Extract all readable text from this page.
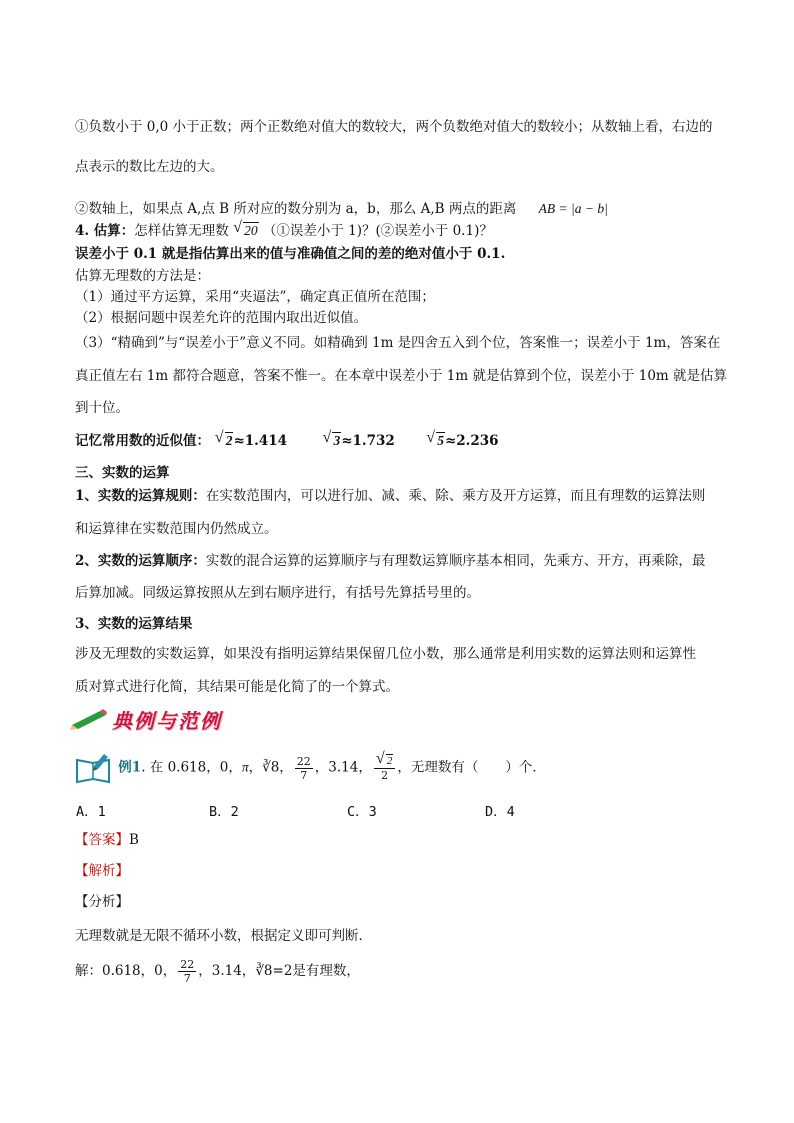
①负数小于 0,0 小于正数；两个正数绝对值大的数较大，两个负数绝对值大的数较小；从数轴上看，右边的
点表示的数比左边的大。
②数轴上，如果点 A,点 B 所对应的数分别为 a，b，那么 A,B 两点的距离 AB = |a − b|
4. 估算：怎样估算无理数 √ 20 （①误差小于 1)？(②误差小于 0.1)？
误差小于 0.1 就是指估算出来的值与准确值之间的差的绝对值小于 0.1.
估算无理数的方法是：
（1）通过平方运算，采用“夹逼法”，确定真正值所在范围；
（2）根据问题中误差允许的范围内取出近似值。
（3）“精确到”与“误差小于”意义不同。如精确到 1m 是四舍五入到个位，答案惟一；误差小于 1m，答案在
真正值左右 1m 都符合题意，答案不惟一。在本章中误差小于 1m 就是估算到个位，误差小于 10m 就是估算
到十位。
记忆常用数的近似值： √ 2≈1.414	√ 3≈1.732	√ 5≈2.236
三、实数的运算
1、实数的运算规则：在实数范围内，可以进行加、减、乘、除、乘方及开方运算，而且有理数的运算法则
和运算律在实数范围内仍然成立。
2、实数的运算顺序：实数的混合运算的运算顺序与有理数运算顺序基本相同，先乘方、开方，再乘除，最
后算加减。同级运算按照从左到右顺序进行，有括号先算括号里的。
3、实数的运算结果
涉及无理数的实数运算，如果没有指明运算结果保留几位小数，那么通常是利用实数的运算法则和运算性
质对算式进行化简，其结果可能是化简了的一个算式。
典例与范例
例1. 在 0.618，0，π，∛8， $\frac{22}{7}$ ，3.14， √ $\frac{2}{2}$ ，无理数有（　　）个．
A．1	B．2	C．3	D．4
【答案】B
【解析】
【分析】
无理数就是无限不循环小数，根据定义即可判断．
解：0.618，0， $\frac{22}{7}$ ，3.14，∛8=2是有理数，
